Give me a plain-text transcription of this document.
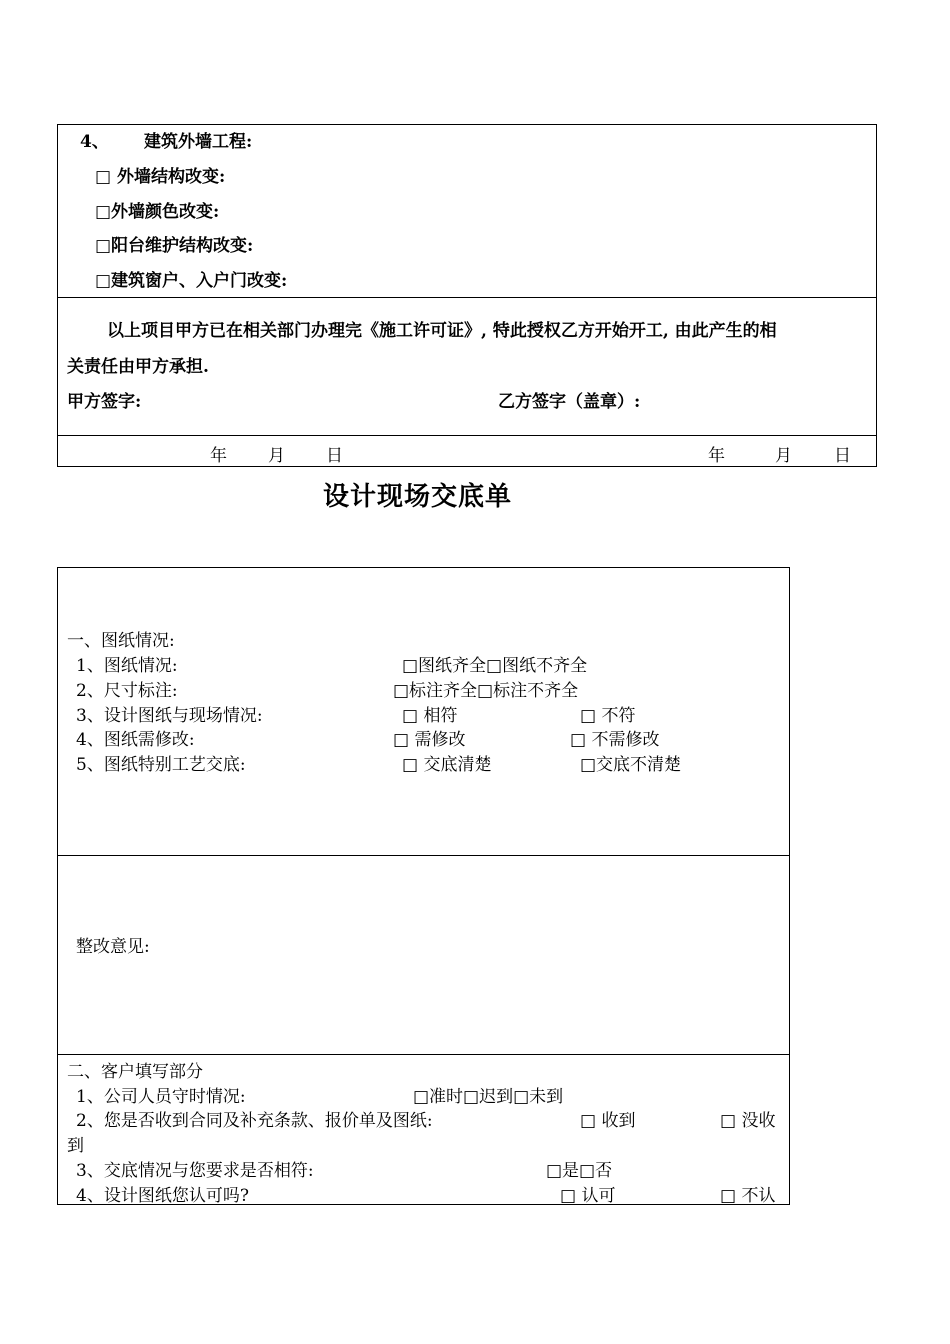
4、 建筑外墙工程:
□ 外墙结构改变:
□外墙颜色改变:
□阳台维护结构改变:
□建筑窗户、入户门改变:
以上项目甲方已在相关部门办理完《施工许可证》, 特此授权乙方开始开工, 由此产生的相
关责任由甲方承担.
甲方签字:	乙方签字（盖章）:
年 月 日	年	月 日
设计现场交底单
一、图纸情况:
1、图纸情况:	□图纸齐全□图纸不齐全
2、尺寸标注:	□标注齐全□标注不齐全
3、设计图纸与现场情况:	□ 相符	□ 不符
4、图纸需修改:	□ 需修改	□ 不需修改
5、图纸特别工艺交底:	□ 交底清楚	□交底不清楚
整改意见:
二、客户填写部分
1、公司人员守时情况:	□准时□迟到□未到
2、您是否收到合同及补充条款、报价单及图纸:	□ 收到	□ 没收
到
3、交底情况与您要求是否相符:	□是□否
4、设计图纸您认可吗?	□ 认可	□ 不认
